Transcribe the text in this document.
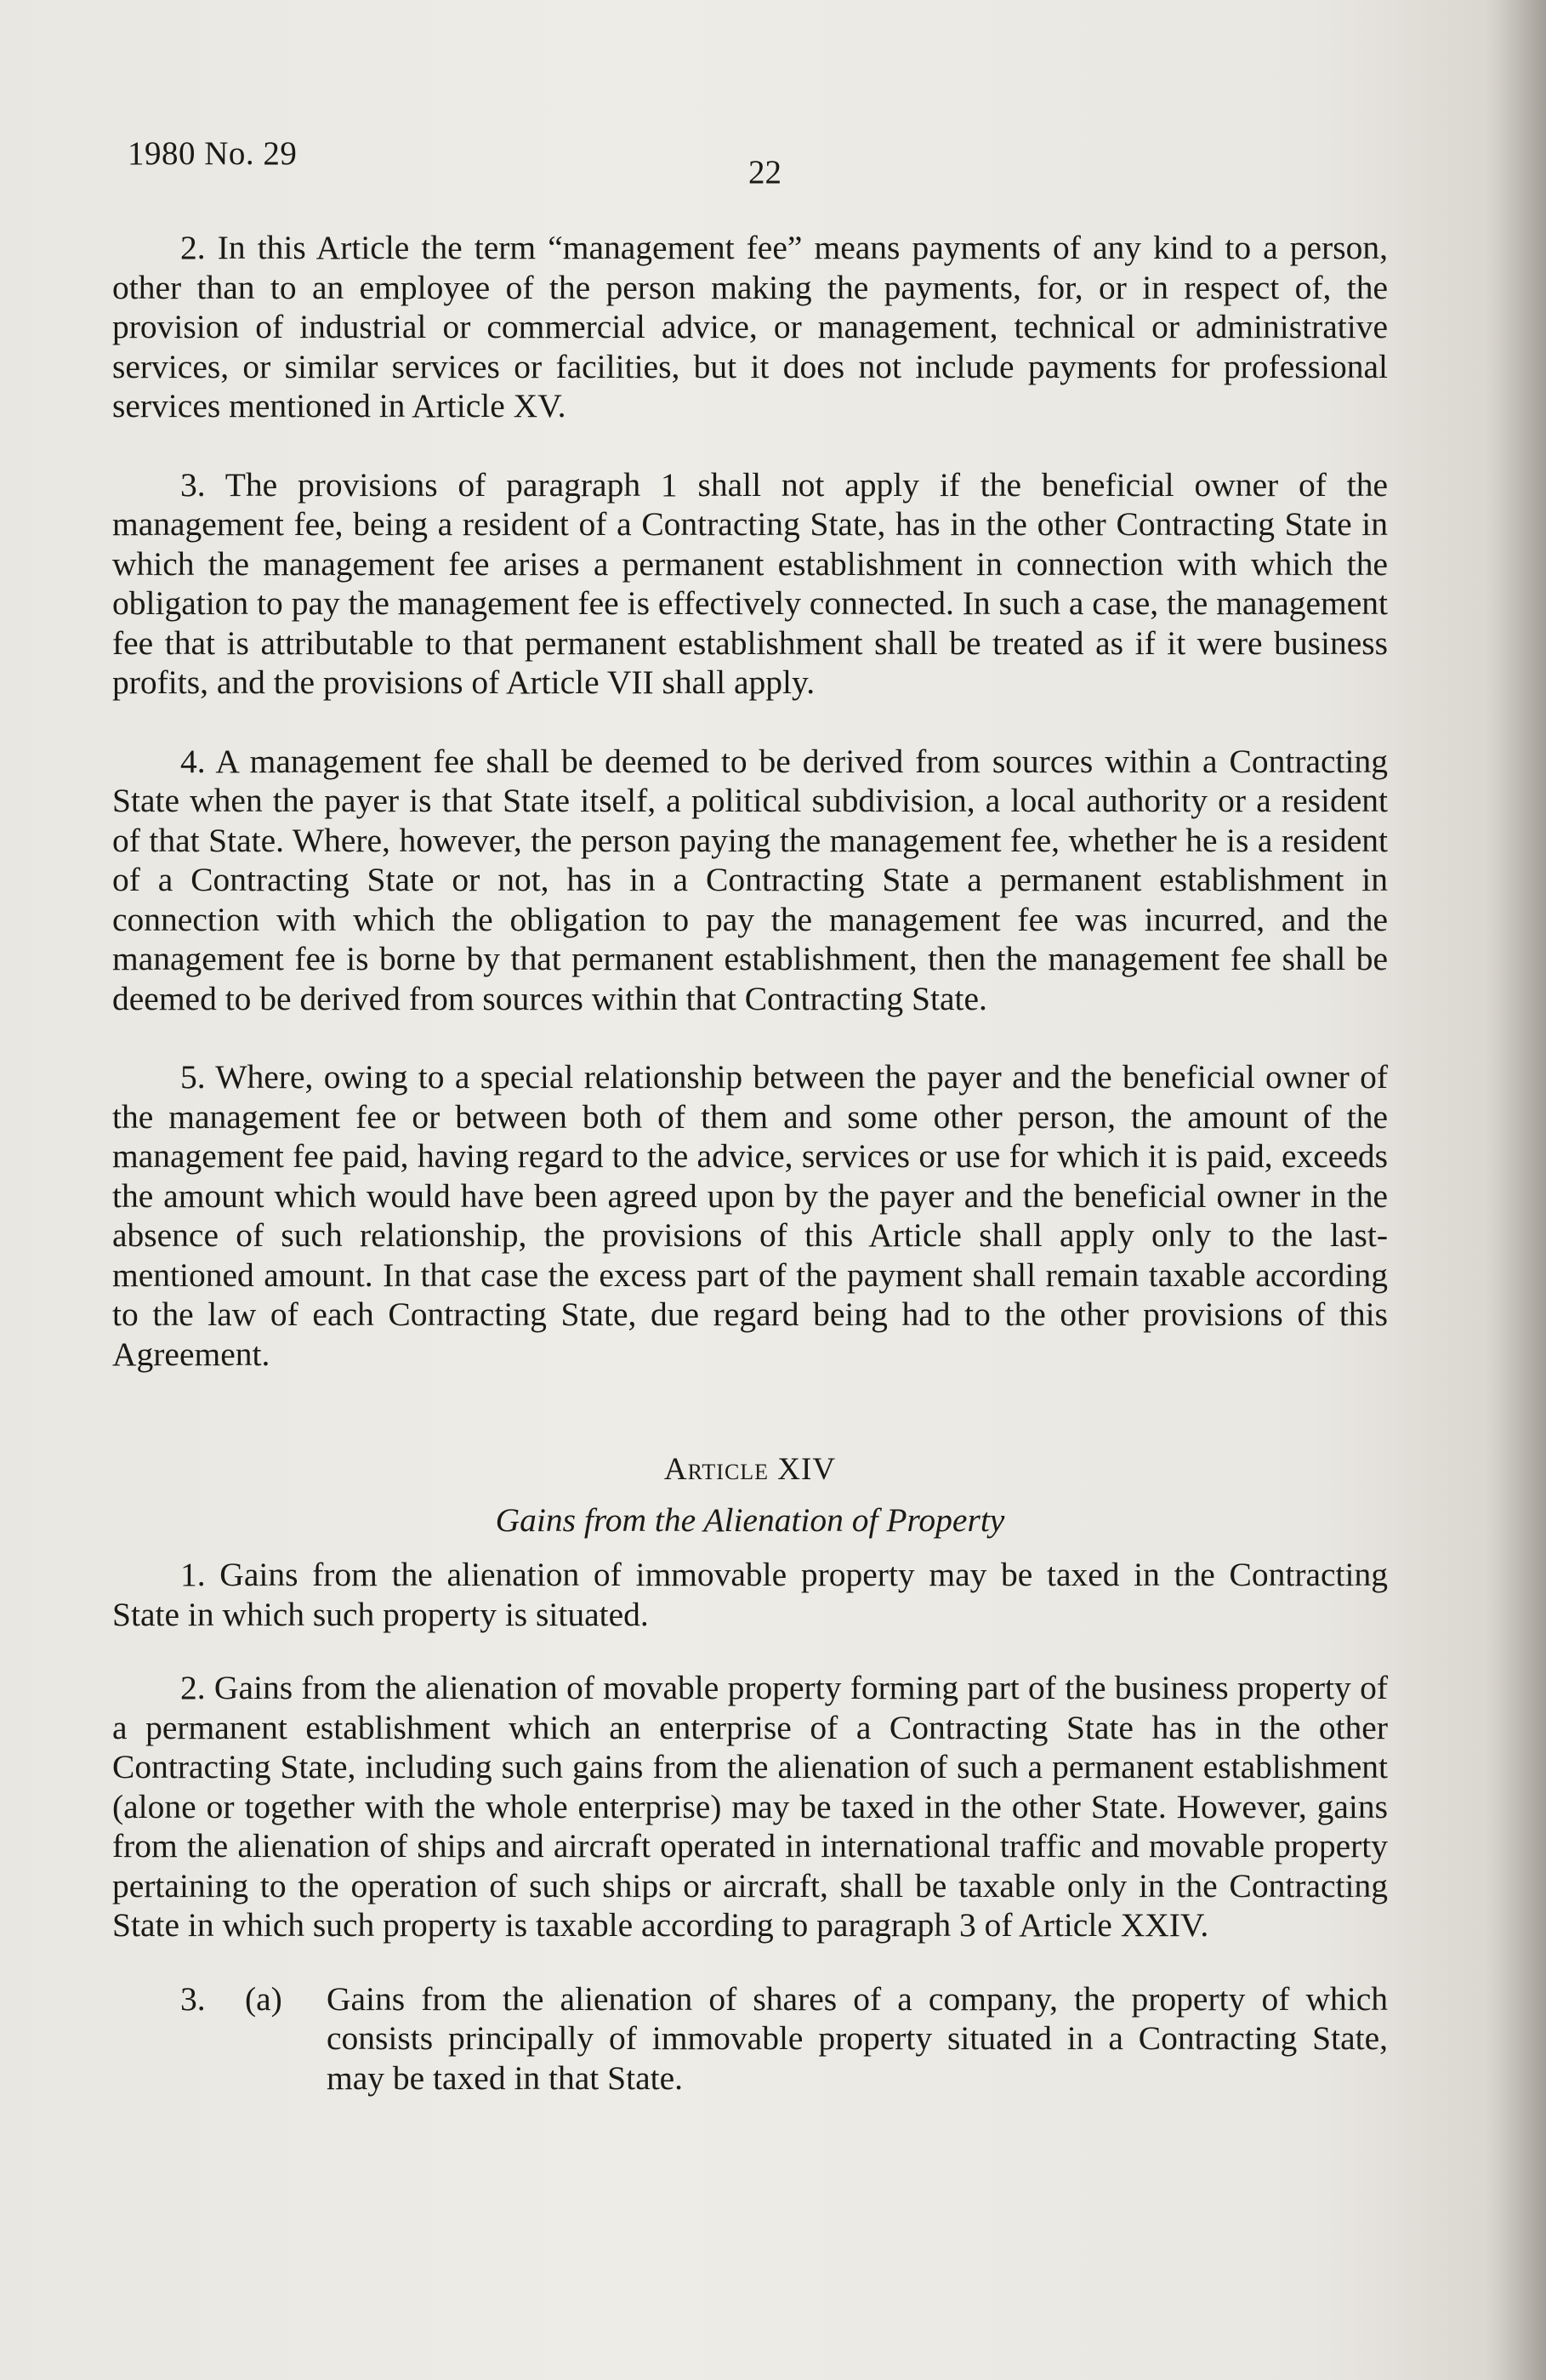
1980 No. 29
22

2. In this Article the term “management fee” means payments of any kind to a person, other than to an employee of the person making the payments, for, or in respect of, the provision of industrial or commercial advice, or management, technical or administrative services, or similar services or facilities, but it does not include payments for professional services mentioned in Article XV.

3. The provisions of paragraph 1 shall not apply if the beneficial owner of the management fee, being a resident of a Contracting State, has in the other Contracting State in which the management fee arises a permanent establishment in connection with which the obligation to pay the management fee is effectively connected. In such a case, the management fee that is attributable to that permanent establishment shall be treated as if it were business profits, and the provisions of Article VII shall apply.

4. A management fee shall be deemed to be derived from sources within a Contracting State when the payer is that State itself, a political subdivision, a local authority or a resident of that State. Where, however, the person paying the management fee, whether he is a resident of a Contracting State or not, has in a Contracting State a permanent establishment in connection with which the obligation to pay the management fee was incurred, and the management fee is borne by that permanent establishment, then the management fee shall be deemed to be derived from sources within that Contracting State.

5. Where, owing to a special relationship between the payer and the beneficial owner of the management fee or between both of them and some other person, the amount of the management fee paid, having regard to the advice, services or use for which it is paid, exceeds the amount which would have been agreed upon by the payer and the beneficial owner in the absence of such relationship, the provisions of this Article shall apply only to the last-mentioned amount. In that case the excess part of the payment shall remain taxable according to the law of each Contracting State, due regard being had to the other provisions of this Agreement.

Article XIV
Gains from the Alienation of Property

1. Gains from the alienation of immovable property may be taxed in the Contracting State in which such property is situated.

2. Gains from the alienation of movable property forming part of the business property of a permanent establishment which an enterprise of a Contracting State has in the other Contracting State, including such gains from the alienation of such a permanent establishment (alone or together with the whole enterprise) may be taxed in the other State. However, gains from the alienation of ships and aircraft operated in international traffic and movable property pertaining to the operation of such ships or aircraft, shall be taxable only in the Contracting State in which such property is taxable according to paragraph 3 of Article XXIV.

3.	(a)	Gains from the alienation of shares of a company, the property of which consists principally of immovable property situated in a Contracting State, may be taxed in that State.
